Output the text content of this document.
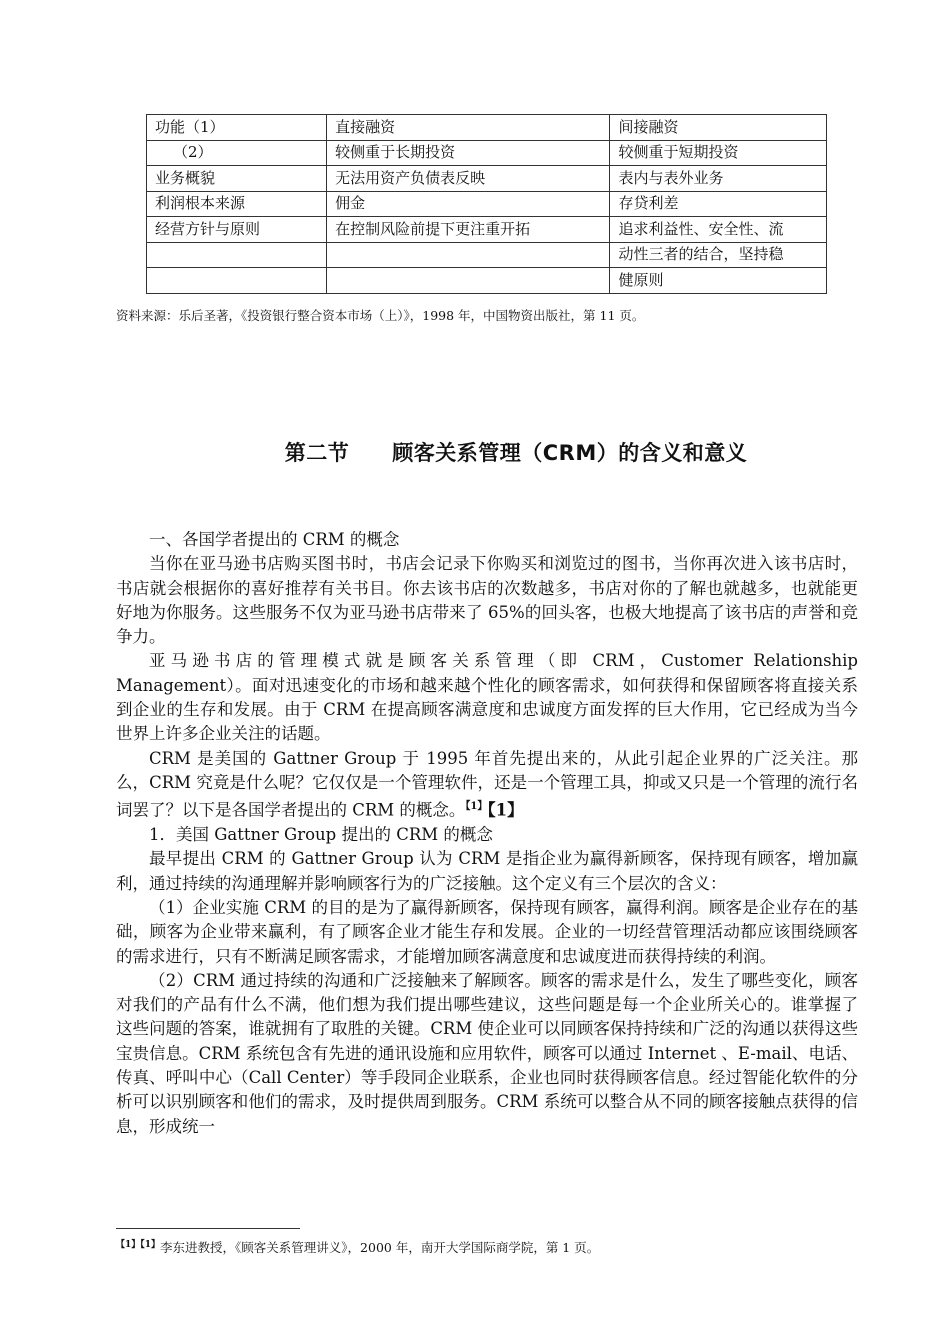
功能（1）	直接融资	间接融资
（2）	较侧重于长期投资	较侧重于短期投资
业务概貌	无法用资产负债表反映	表内与表外业务
利润根本来源	佣金	存贷利差
经营方针与原则	在控制风险前提下更注重开拓	追求利益性、安全性、流
		动性三者的结合，坚持稳
		健原则
资料来源：乐后圣著，《投资银行整合资本市场（上）》，1998 年，中国物资出版社，第 11 页。
第二节　　顾客关系管理（CRM）的含义和意义

一、各国学者提出的 CRM 的概念

当你在亚马逊书店购买图书时，书店会记录下你购买和浏览过的图书，当你再次进入该书店时，书店就会根据你的喜好推荐有关书目。你去该书店的次数越多，书店对你的了解也就越多，也就能更好地为你服务。这些服务不仅为亚马逊书店带来了 65%的回头客，也极大地提高了该书店的声誉和竞争力。

亚马逊书店的管理模式就是顾客关系管理（即 CRM，Customer Relationship Management）。面对迅速变化的市场和越来越个性化的顾客需求，如何获得和保留顾客将直接关系到企业的生存和发展。由于 CRM 在提高顾客满意度和忠诚度方面发挥的巨大作用，它已经成为当今世界上许多企业关注的话题。

CRM 是美国的 Gattner Group 于 1995 年首先提出来的，从此引起企业界的广泛关注。那么，CRM 究竟是什么呢？它仅仅是一个管理软件，还是一个管理工具，抑或又只是一个管理的流行名词罢了？以下是各国学者提出的 CRM 的概念。$^{【1】}$【1】

1．美国 Gattner Group 提出的 CRM 的概念

最早提出 CRM 的 Gattner Group 认为 CRM 是指企业为赢得新顾客，保持现有顾客，增加赢利，通过持续的沟通理解并影响顾客行为的广泛接触。这个定义有三个层次的含义：

（1）企业实施 CRM 的目的是为了赢得新顾客，保持现有顾客，赢得利润。顾客是企业存在的基础，顾客为企业带来赢利，有了顾客企业才能生存和发展。企业的一切经营管理活动都应该围绕顾客的需求进行，只有不断满足顾客需求，才能增加顾客满意度和忠诚度进而获得持续的利润。

（2）CRM 通过持续的沟通和广泛接触来了解顾客。顾客的需求是什么，发生了哪些变化，顾客对我们的产品有什么不满，他们想为我们提出哪些建议，这些问题是每一个企业所关心的。谁掌握了这些问题的答案，谁就拥有了取胜的关键。CRM 使企业可以同顾客保持持续和广泛的沟通以获得这些宝贵信息。CRM 系统包含有先进的通讯设施和应用软件，顾客可以通过 Internet 、E-mail、电话、传真、呼叫中心（Call Center）等手段同企业联系，企业也同时获得顾客信息。经过智能化软件的分析可以识别顾客和他们的需求，及时提供周到服务。CRM 系统可以整合从不同的顾客接触点获得的信息，形成统一

$^{【1】【1】}$李东进教授，《顾客关系管理讲义》，2000 年，南开大学国际商学院，第 1 页。
